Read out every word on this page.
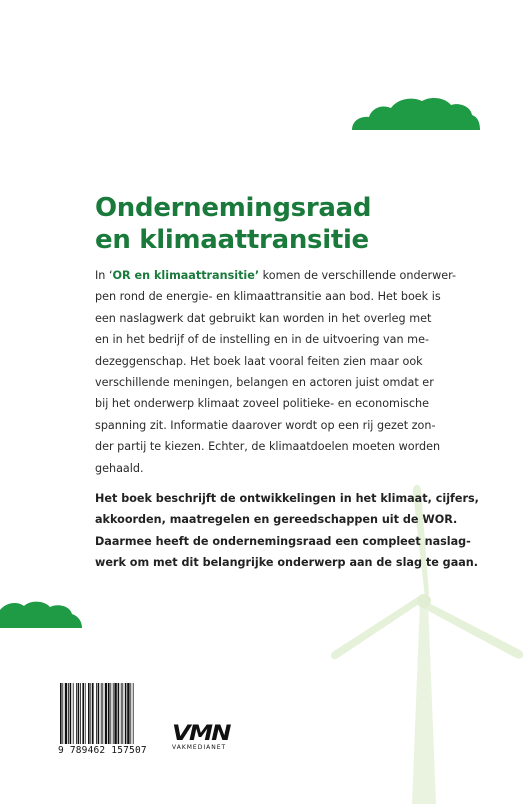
Ondernemingsraad
en klimaattransitie

In ‘OR en klimaattransitie’ komen de verschillende onderwer-
pen rond de energie- en klimaattransitie aan bod. Het boek is
een naslagwerk dat gebruikt kan worden in het overleg met
en in het bedrijf of de instelling en in de uitvoering van me-
dezeggenschap. Het boek laat vooral feiten zien maar ook
verschillende meningen, belangen en actoren juist omdat er
bij het onderwerp klimaat zoveel politieke- en economische
spanning zit. Informatie daarover wordt op een rij gezet zon-
der partij te kiezen. Echter, de klimaatdoelen moeten worden
gehaald.

Het boek beschrijft de ontwikkelingen in het klimaat, cijfers,
akkoorden, maatregelen en gereedschappen uit de WOR.
Daarmee heeft de ondernemingsraad een compleet naslag-
werk om met dit belangrijke onderwerp aan de slag te gaan.

9 789462 157507
VMN
VAKMEDIANET
